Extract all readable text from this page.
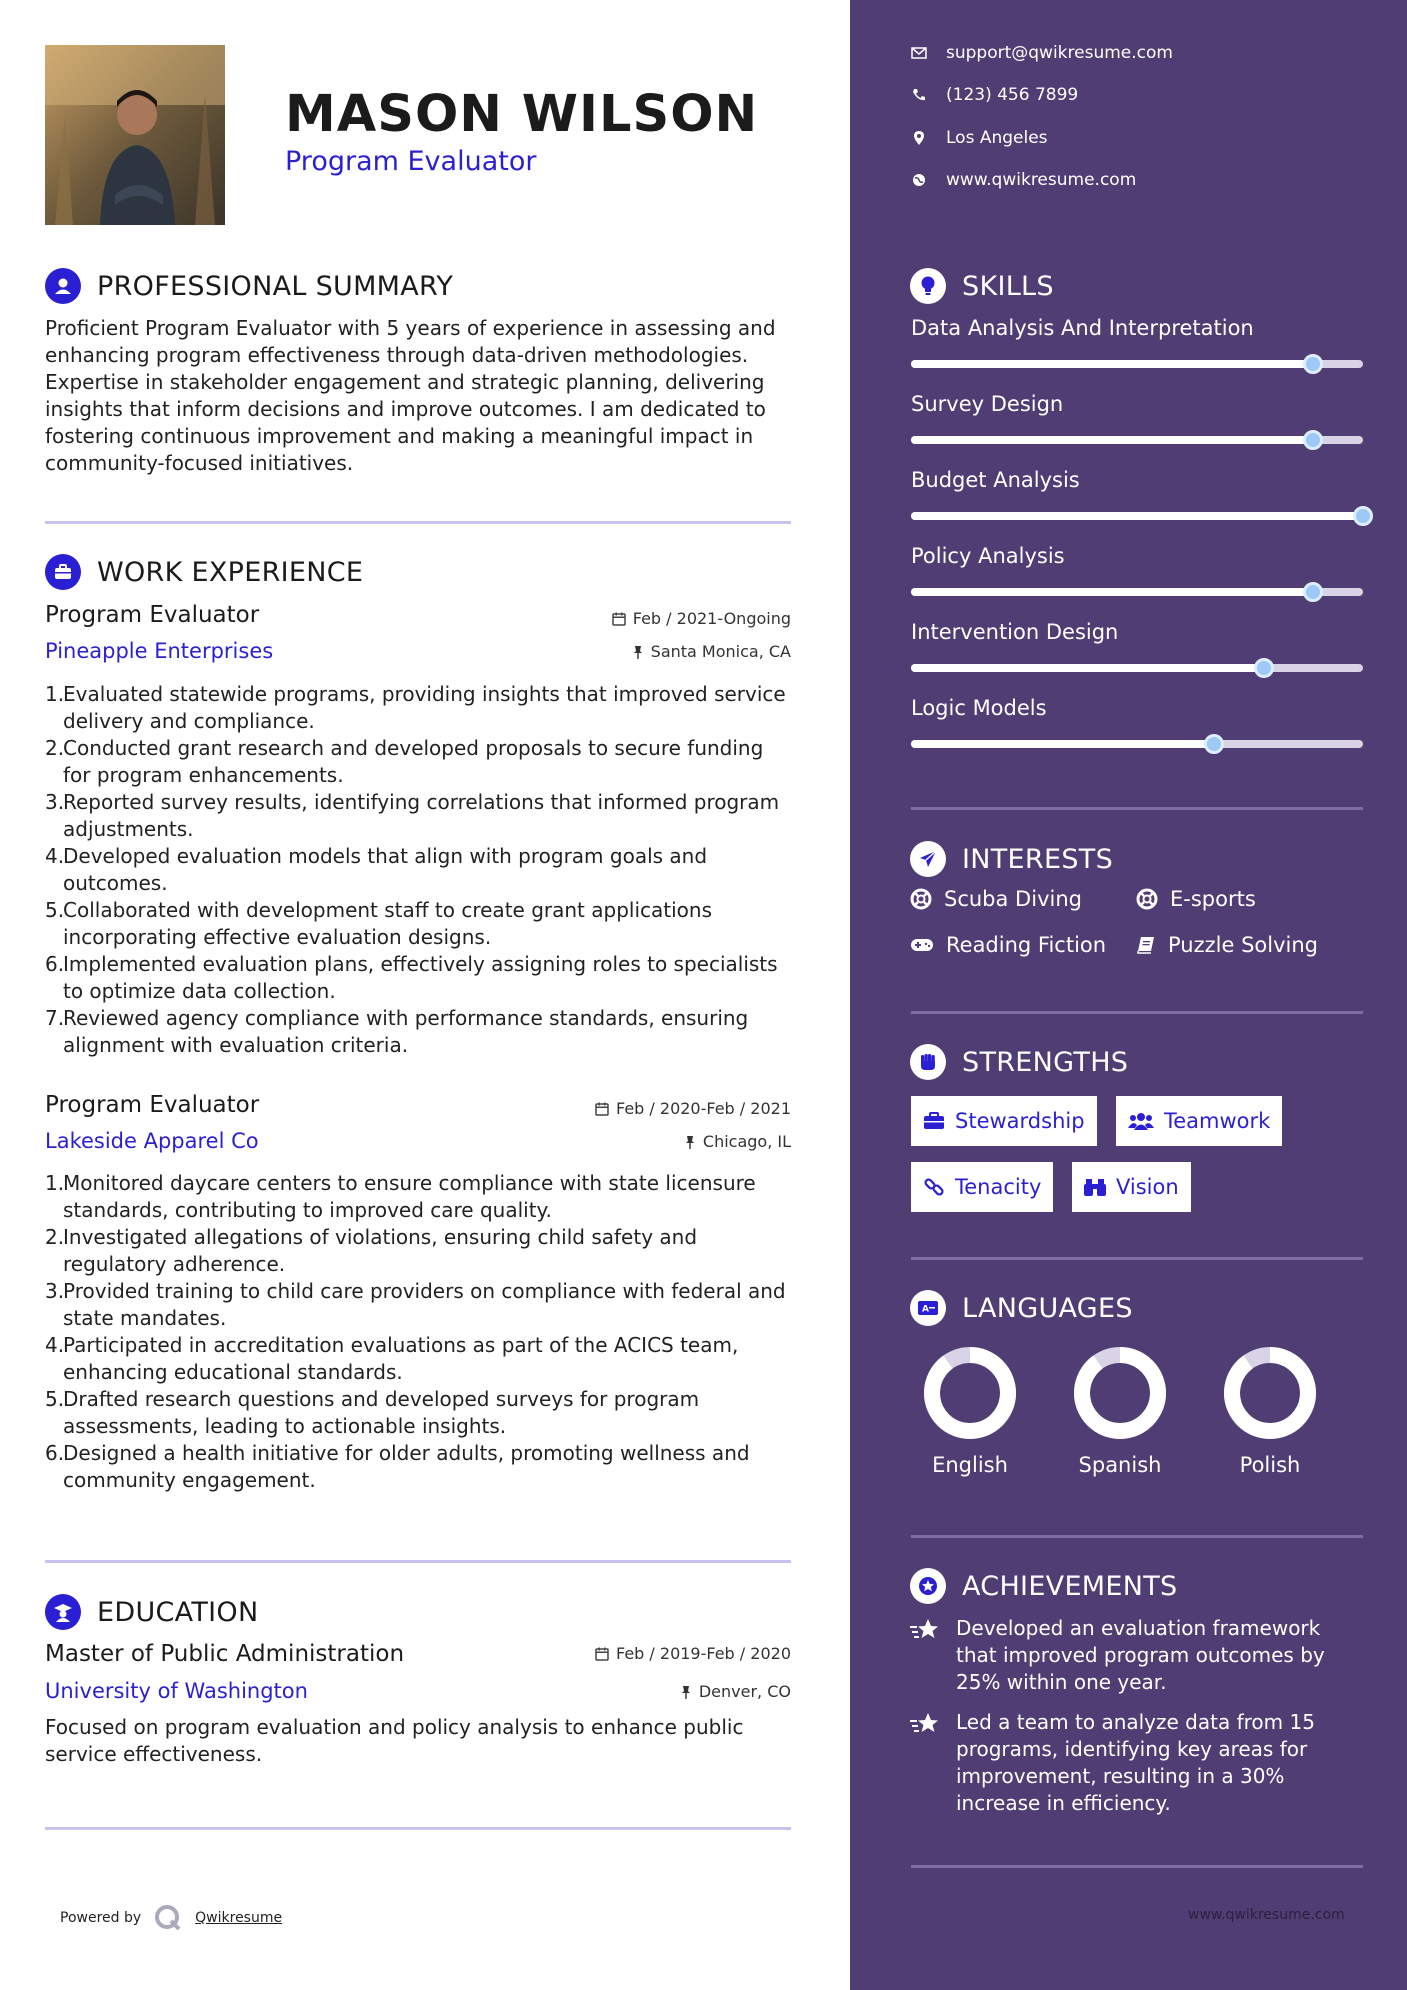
MASON WILSON
Program Evaluator
PROFESSIONAL SUMMARY
Proficient Program Evaluator with 5 years of experience in assessing and enhancing program effectiveness through data-driven methodologies. Expertise in stakeholder engagement and strategic planning, delivering insights that inform decisions and improve outcomes. I am dedicated to fostering continuous improvement and making a meaningful impact in community-focused initiatives.
WORK EXPERIENCE
Program Evaluator
Pineapple Enterprises
Feb / 2021-Ongoing
Santa Monica, CA
1.
Evaluated statewide programs, providing insights that improved service delivery and compliance.
2.
Conducted grant research and developed proposals to secure funding for program enhancements.
3.
Reported survey results, identifying correlations that informed program adjustments.
4.
Developed evaluation models that align with program goals and outcomes.
5.
Collaborated with development staff to create grant applications incorporating effective evaluation designs.
6.
Implemented evaluation plans, effectively assigning roles to specialists to optimize data collection.
7.
Reviewed agency compliance with performance standards, ensuring alignment with evaluation criteria.
Program Evaluator
Lakeside Apparel Co
Feb / 2020-Feb / 2021
Chicago, IL
1.
Monitored daycare centers to ensure compliance with state licensure standards, contributing to improved care quality.
2.
Investigated allegations of violations, ensuring child safety and regulatory adherence.
3.
Provided training to child care providers on compliance with federal and state mandates.
4.
Participated in accreditation evaluations as part of the ACICS team, enhancing educational standards.
5.
Drafted research questions and developed surveys for program assessments, leading to actionable insights.
6.
Designed a health initiative for older adults, promoting wellness and community engagement.
EDUCATION
Master of Public Administration
University of Washington
Feb / 2019-Feb / 2020
Denver, CO
Focused on program evaluation and policy analysis to enhance public service effectiveness.
Powered by	Qwikresume
support@qwikresume.com
(123) 456 7899
Los Angeles
www.qwikresume.com
SKILLS
Data Analysis And Interpretation
Survey Design
Budget Analysis
Policy Analysis
Intervention Design
Logic Models
INTERESTS
Scuba Diving	E-sports
Reading Fiction	Puzzle Solving
STRENGTHS
Stewardship	Teamwork
Tenacity	Vision
A LANGUAGES
English	Spanish	Polish
ACHIEVEMENTS
Developed an evaluation framework that improved program outcomes by 25% within one year.
Led a team to analyze data from 15 programs, identifying key areas for improvement, resulting in a 30% increase in efficiency.
www.qwikresume.com
